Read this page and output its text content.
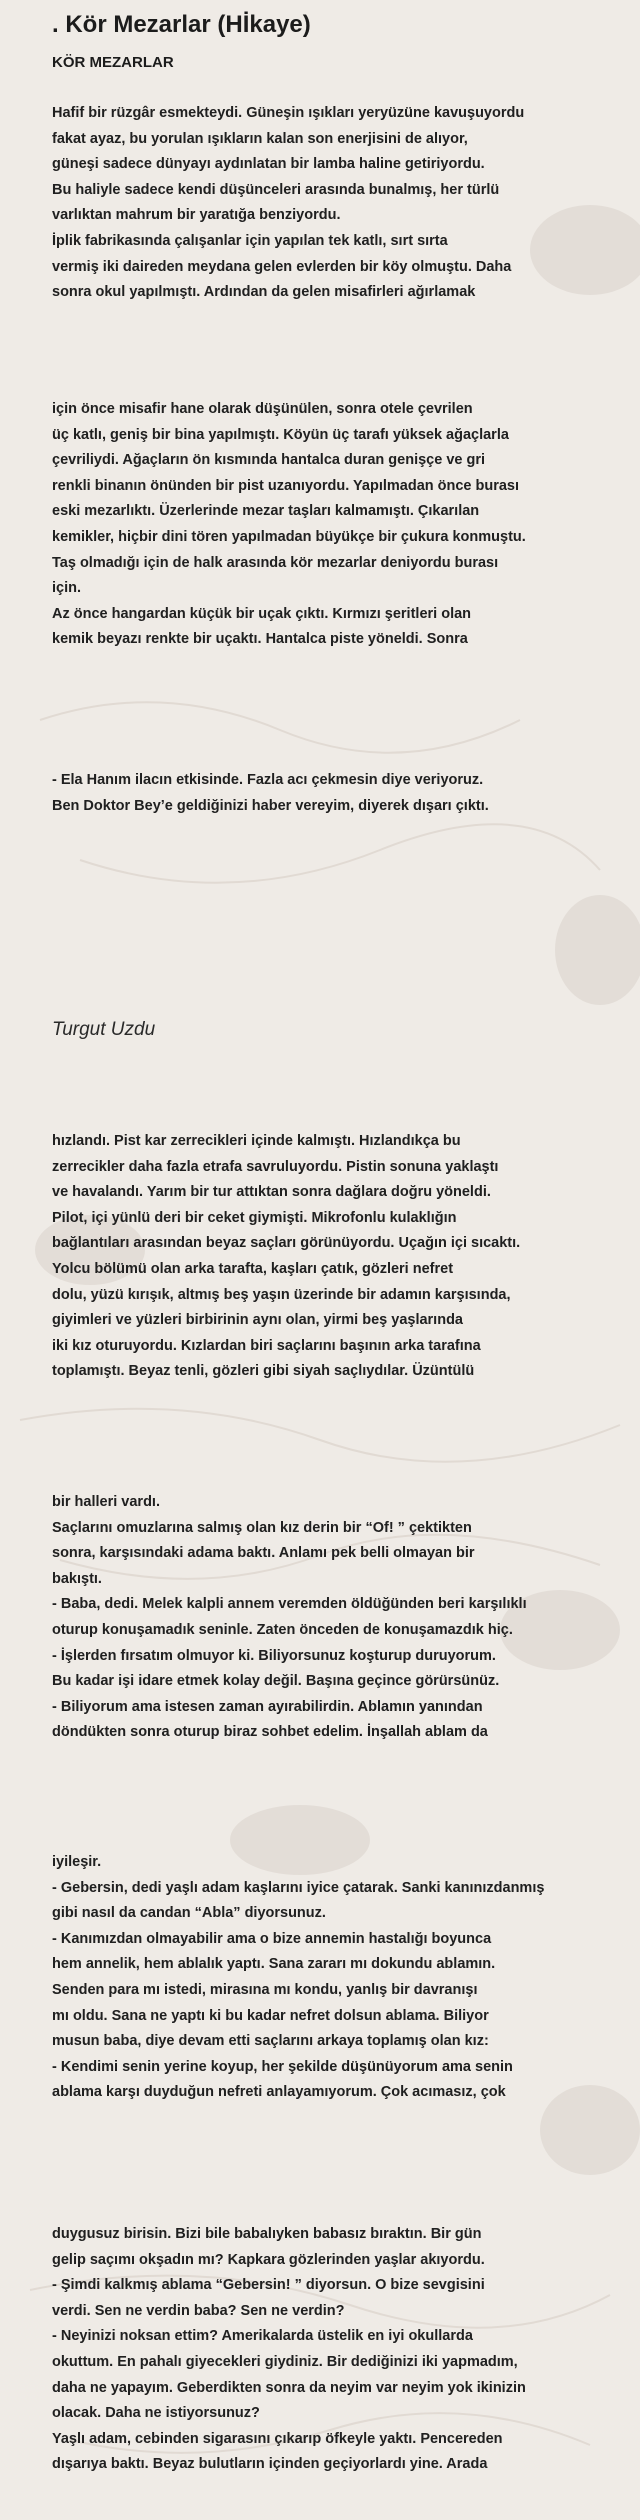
. Kör Mezarlar (Hİkaye)
KÖR MEZARLAR
Hafif bir rüzgâr esmekteydi. Güneşin ışıkları yeryüzüne kavuşuyordu
fakat ayaz, bu yorulan ışıkların kalan son enerjisini de alıyor,
güneşi sadece dünyayı aydınlatan bir lamba haline getiriyordu.
Bu haliyle sadece kendi düşünceleri arasında bunalmış, her türlü
varlıktan mahrum bir yaratığa benziyordu.
İplik fabrikasında çalışanlar için yapılan tek katlı, sırt sırta
vermiş iki daireden meydana gelen evlerden bir köy olmuştu. Daha
sonra okul yapılmıştı. Ardından da gelen misafirleri ağırlamak
için önce misafir hane olarak düşünülen, sonra otele çevrilen
üç katlı, geniş bir bina yapılmıştı. Köyün üç tarafı yüksek ağaçlarla
çevriliydi. Ağaçların ön kısmında hantalca duran genişçe ve gri
renkli binanın önünden bir pist uzanıyordu. Yapılmadan önce burası
eski mezarlıktı. Üzerlerinde mezar taşları kalmamıştı. Çıkarılan
kemikler, hiçbir dini tören yapılmadan büyükçe bir çukura konmuştu.
Taş olmadığı için de halk arasında kör mezarlar deniyordu burası
için.
Az önce hangardan küçük bir uçak çıktı. Kırmızı şeritleri olan
kemik beyazı renkte bir uçaktı. Hantalca piste yöneldi. Sonra
- Ela Hanım ilacın etkisinde. Fazla acı çekmesin diye veriyoruz.
Ben Doktor Bey’e geldiğinizi haber vereyim, diyerek dışarı çıktı.

Turgut Uzdu

hızlandı. Pist kar zerrecikleri içinde kalmıştı. Hızlandıkça bu
zerrecikler daha fazla etrafa savruluyordu. Pistin sonuna yaklaştı
ve havalandı. Yarım bir tur attıktan sonra dağlara doğru yöneldi.
Pilot, içi yünlü deri bir ceket giymişti. Mikrofonlu kulaklığın
bağlantıları arasından beyaz saçları görünüyordu. Uçağın içi sıcaktı.
Yolcu bölümü olan arka tarafta, kaşları çatık, gözleri nefret
dolu, yüzü kırışık, altmış beş yaşın üzerinde bir adamın karşısında,
giyimleri ve yüzleri birbirinin aynı olan, yirmi beş yaşlarında
iki kız oturuyordu. Kızlardan biri saçlarını başının arka tarafına
toplamıştı. Beyaz tenli, gözleri gibi siyah saçlıydılar. Üzüntülü
bir halleri vardı.
Saçlarını omuzlarına salmış olan kız derin bir “Of! ” çektikten
sonra, karşısındaki adama baktı. Anlamı pek belli olmayan bir
bakıştı.
- Baba, dedi. Melek kalpli annem veremden öldüğünden beri karşılıklı
oturup konuşamadık seninle. Zaten önceden de konuşamazdık hiç.
- İşlerden fırsatım olmuyor ki. Biliyorsunuz koşturup duruyorum.
Bu kadar işi idare etmek kolay değil. Başına geçince görürsünüz.
- Biliyorum ama istesen zaman ayırabilirdin. Ablamın yanından
döndükten sonra oturup biraz sohbet edelim. İnşallah ablam da
iyileşir.
- Gebersin, dedi yaşlı adam kaşlarını iyice çatarak. Sanki kanınızdanmış
gibi nasıl da candan “Abla” diyorsunuz.
- Kanımızdan olmayabilir ama o bize annemin hastalığı boyunca
hem annelik, hem ablalık yaptı. Sana zararı mı dokundu ablamın.
Senden para mı istedi, mirasına mı kondu, yanlış bir davranışı
mı oldu. Sana ne yaptı ki bu kadar nefret dolsun ablama. Biliyor
musun baba, diye devam etti saçlarını arkaya toplamış olan kız:
- Kendimi senin yerine koyup, her şekilde düşünüyorum ama senin
ablama karşı duyduğun nefreti anlayamıyorum. Çok acımasız, çok
duygusuz birisin. Bizi bile babalıyken babasız bıraktın. Bir gün
gelip saçımı okşadın mı? Kapkara gözlerinden yaşlar akıyordu.
- Şimdi kalkmış ablama “Gebersin! ” diyorsun. O bize sevgisini
verdi. Sen ne verdin baba? Sen ne verdin?
- Neyinizi noksan ettim? Amerikalarda üstelik en iyi okullarda
okuttum. En pahalı giyecekleri giydiniz. Bir dediğinizi iki yapmadım,
daha ne yapayım. Geberdikten sonra da neyim var neyim yok ikinizin
olacak. Daha ne istiyorsunuz?
Yaşlı adam, cebinden sigarasını çıkarıp öfkeyle yaktı. Pencereden
dışarıya baktı. Beyaz bulutların içinden geçiyorlardı yine. Arada
